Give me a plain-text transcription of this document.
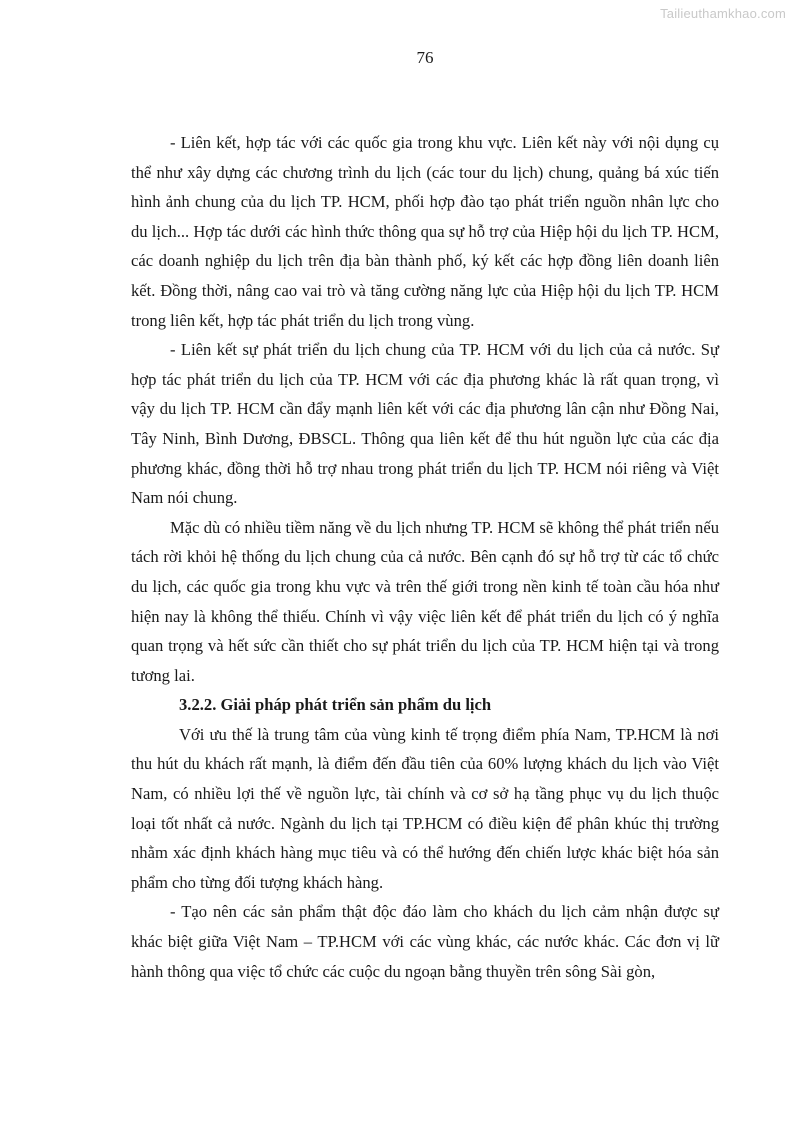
Tailieuthamkhao.com
76

- Liên kết, hợp tác với các quốc gia trong khu vực. Liên kết này với nội dụng cụ thể như xây dựng các chương trình du lịch (các tour du lịch) chung, quảng bá xúc tiến hình ảnh chung của du lịch TP. HCM, phối hợp đào tạo phát triển nguồn nhân lực cho du lịch... Hợp tác dưới các hình thức thông qua sự hỗ trợ của Hiệp hội du lịch TP. HCM, các doanh nghiệp du lịch trên địa bàn thành phố, ký kết các hợp đồng liên doanh liên kết. Đồng thời, nâng cao vai trò và tăng cường năng lực của Hiệp hội du lịch TP. HCM trong liên kết, hợp tác phát triển du lịch trong vùng.

- Liên kết sự phát triển du lịch chung của TP. HCM với du lịch của cả nước. Sự hợp tác phát triển du lịch của TP. HCM với các địa phương khác là rất quan trọng, vì vậy du lịch TP. HCM cần đẩy mạnh liên kết với các địa phương lân cận như Đồng Nai, Tây Ninh, Bình Dương, ĐBSCL. Thông qua liên kết để thu hút nguồn lực của các địa phương khác, đồng thời hỗ trợ nhau trong phát triển du lịch TP. HCM nói riêng và Việt Nam nói chung.

Mặc dù có nhiều tiềm năng về du lịch nhưng TP. HCM sẽ không thể phát triển nếu tách rời khỏi hệ thống du lịch chung của cả nước. Bên cạnh đó sự hỗ trợ từ các tổ chức du lịch, các quốc gia trong khu vực và trên thế giới trong nền kinh tế toàn cầu hóa như hiện nay là không thể thiếu. Chính vì vậy việc liên kết để phát triển du lịch có ý nghĩa quan trọng và hết sức cần thiết cho sự phát triển du lịch của TP. HCM hiện tại và trong tương lai.

3.2.2. Giải pháp phát triển sản phẩm du lịch

Với ưu thế là trung tâm của vùng kinh tế trọng điểm phía Nam, TP.HCM là nơi thu hút du khách rất mạnh, là điểm đến đầu tiên của 60% lượng khách du lịch vào Việt Nam, có nhiều lợi thế về nguồn lực, tài chính và cơ sở hạ tầng phục vụ du lịch thuộc loại tốt nhất cả nước. Ngành du lịch tại TP.HCM có điều kiện để phân khúc thị trường nhằm xác định khách hàng mục tiêu và có thể hướng đến chiến lược khác biệt hóa sản phẩm cho từng đối tượng khách hàng.

- Tạo nên các sản phẩm thật độc đáo làm cho khách du lịch cảm nhận được sự khác biệt giữa Việt Nam – TP.HCM với các vùng khác, các nước khác. Các đơn vị lữ hành thông qua việc tổ chức các cuộc du ngoạn bằng thuyền trên sông Sài gòn,
